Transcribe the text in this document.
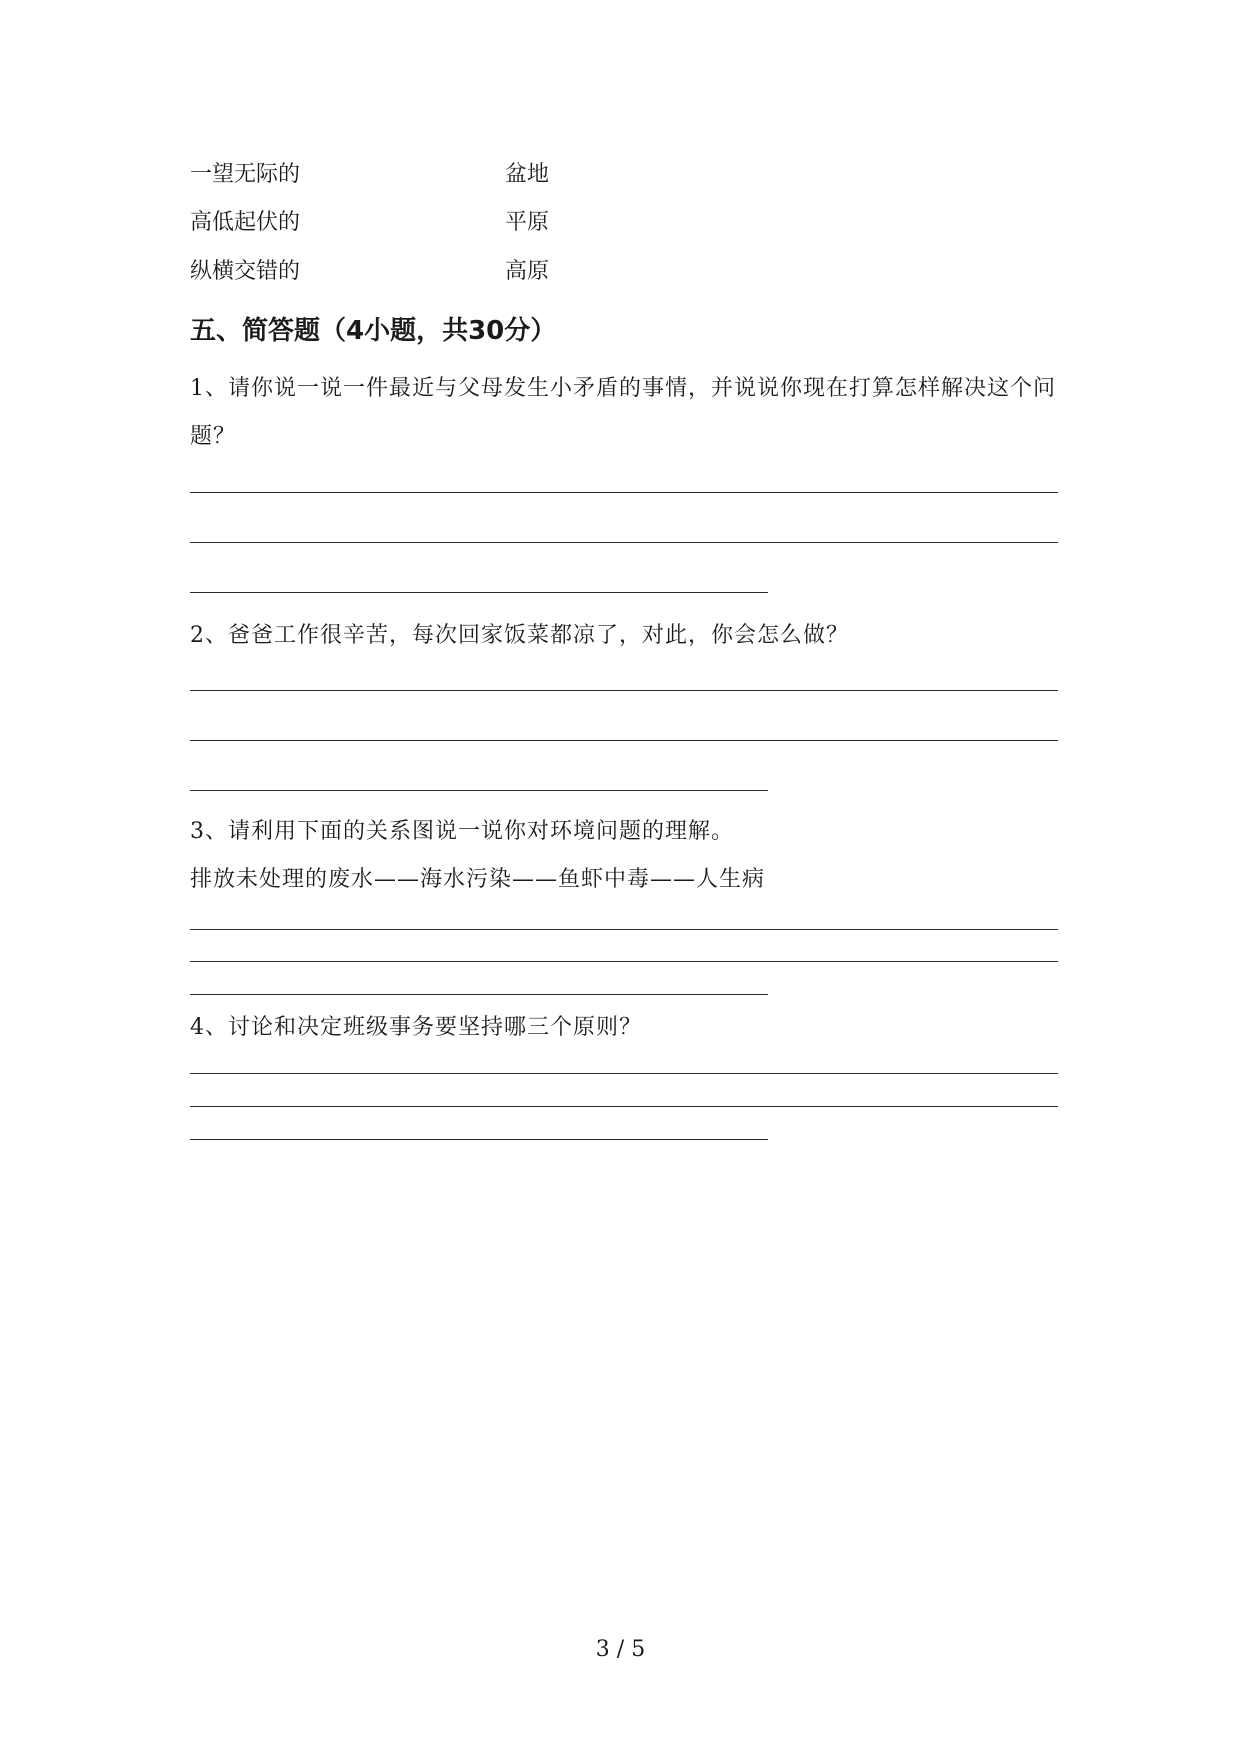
一望无际的	盆地
高低起伏的	平原
纵横交错的	高原
五、简答题（4小题，共30分）
1、请你说一说一件最近与父母发生小矛盾的事情，并说说你现在打算怎样解决这个问题？
2、爸爸工作很辛苦，每次回家饭菜都凉了，对此，你会怎么做？
3、请利用下面的关系图说一说你对环境问题的理解。
排放未处理的废水——海水污染——鱼虾中毒——人生病
4、讨论和决定班级事务要坚持哪三个原则？
3 / 5
